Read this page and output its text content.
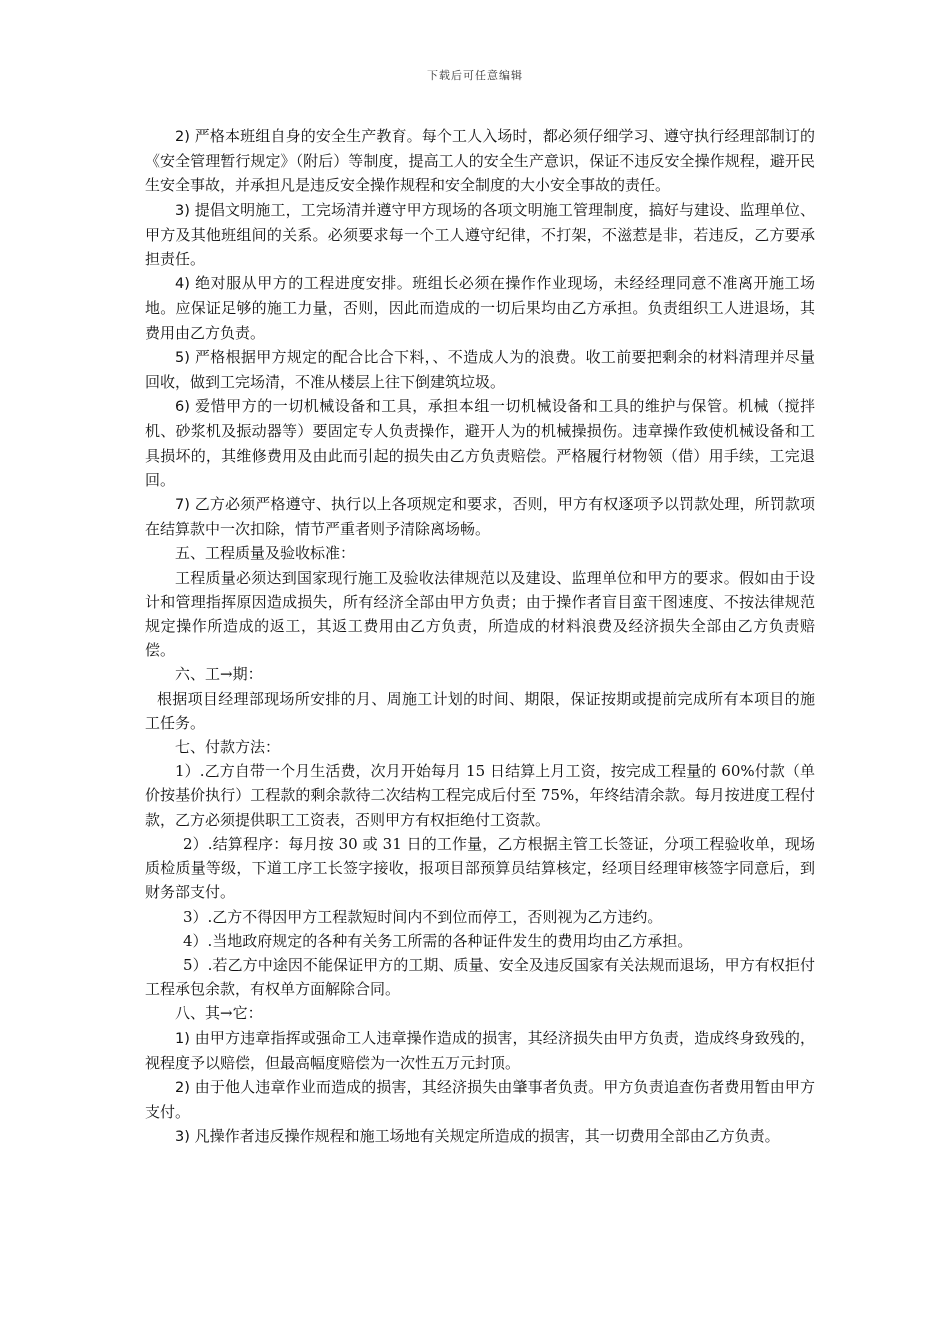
下载后可任意编辑

2) 严格本班组自身的安全生产教育。每个工人入场时，都必须仔细学习、遵守执行经理部制订的《安全管理暂行规定》（附后）等制度，提高工人的安全生产意识，保证不违反安全操作规程，避开民生安全事故，并承担凡是违反安全操作规程和安全制度的大小安全事故的责任。

3) 提倡文明施工，工完场清并遵守甲方现场的各项文明施工管理制度，搞好与建设、监理单位、甲方及其他班组间的关系。必须要求每一个工人遵守纪律，不打架，不滋惹是非，若违反，乙方要承担责任。

4) 绝对服从甲方的工程进度安排。班组长必须在操作作业现场，未经经理同意不准离开施工场地。应保证足够的施工力量，否则，因此而造成的一切后果均由乙方承担。负责组织工人进退场，其费用由乙方负责。

5) 严格根据甲方规定的配合比合下料，、不造成人为的浪费。收工前要把剩余的材料清理并尽量回收，做到工完场清，不准从楼层上往下倒建筑垃圾。

6) 爱惜甲方的一切机械设备和工具，承担本组一切机械设备和工具的维护与保管。机械（搅拌机、砂浆机及振动器等）要固定专人负责操作，避开人为的机械操损伤。违章操作致使机械设备和工具损坏的，其维修费用及由此而引起的损失由乙方负责赔偿。严格履行材物领（借）用手续，工完退回。

7) 乙方必须严格遵守、执行以上各项规定和要求，否则，甲方有权逐项予以罚款处理，所罚款项在结算款中一次扣除，情节严重者则予清除离场畅。

五、工程质量及验收标准：

工程质量必须达到国家现行施工及验收法律规范以及建设、监理单位和甲方的要求。假如由于设计和管理指挥原因造成损失，所有经济全部由甲方负责；由于操作者盲目蛮干图速度、不按法律规范规定操作所造成的返工，其返工费用由乙方负责，所造成的材料浪费及经济损失全部由乙方负责赔偿。

六、工→期：

根据项目经理部现场所安排的月、周施工计划的时间、期限，保证按期或提前完成所有本项目的施工任务。

七、付款方法：

1）.乙方自带一个月生活费，次月开始每月 15 日结算上月工资，按完成工程量的 60%付款（单价按基价执行）工程款的剩余款待二次结构工程完成后付至 75%，年终结清余款。每月按进度工程付款，乙方必须提供职工工资表，否则甲方有权拒绝付工资款。

2）.结算程序：每月按 30 或 31 日的工作量，乙方根据主管工长签证，分项工程验收单，现场质检质量等级，下道工序工长签字接收，报项目部预算员结算核定，经项目经理审核签字同意后，到财务部支付。

3）.乙方不得因甲方工程款短时间内不到位而停工，否则视为乙方违约。

4）.当地政府规定的各种有关务工所需的各种证件发生的费用均由乙方承担。

5）.若乙方中途因不能保证甲方的工期、质量、安全及违反国家有关法规而退场，甲方有权拒付工程承包余款，有权单方面解除合同。

八、其→它：

1) 由甲方违章指挥或强命工人违章操作造成的损害，其经济损失由甲方负责，造成终身致残的，视程度予以赔偿，但最高幅度赔偿为一次性五万元封顶。

2) 由于他人违章作业而造成的损害，其经济损失由肇事者负责。甲方负责追查伤者费用暂由甲方支付。

3) 凡操作者违反操作规程和施工场地有关规定所造成的损害，其一切费用全部由乙方负责。
